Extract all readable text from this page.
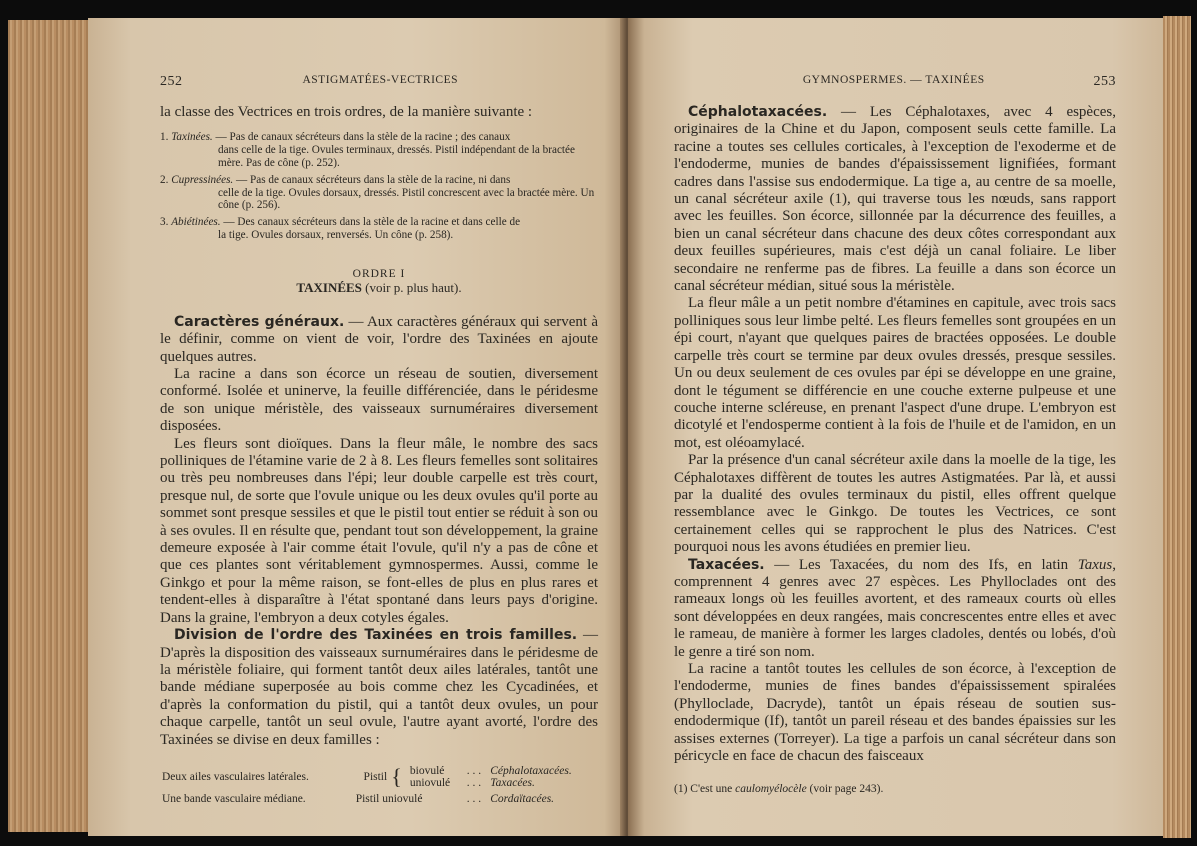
252	ASTIGMATÉES-VECTRICES

la classe des Vectrices en trois ordres, de la manière suivante :

1. Taxinées. — Pas de canaux sécréteurs dans la stèle de la racine ; des canaux
dans celle de la tige. Ovules terminaux, dressés. Pistil indépendant de la bractée mère. Pas de cône (p. 252).
2. Cupressinées. — Pas de canaux sécréteurs dans la stèle de la racine, ni dans
celle de la tige. Ovules dorsaux, dressés. Pistil concrescent avec la bractée mère. Un cône (p. 256).
3. Abiétinées. — Des canaux sécréteurs dans la stèle de la racine et dans celle de
la tige. Ovules dorsaux, renversés. Un cône (p. 258).
ORDRE I
TAXINÉES (voir p. plus haut).

Caractères généraux. — Aux caractères généraux qui servent à le définir, comme on vient de voir, l'ordre des Taxinées en ajoute quelques autres.

La racine a dans son écorce un réseau de soutien, diversement conformé. Isolée et uninerve, la feuille différenciée, dans le péridesme de son unique méristèle, des vaisseaux surnuméraires diversement disposées.

Les fleurs sont dioïques. Dans la fleur mâle, le nombre des sacs polliniques de l'étamine varie de 2 à 8. Les fleurs femelles sont solitaires ou très peu nombreuses dans l'épi; leur double carpelle est très court, presque nul, de sorte que l'ovule unique ou les deux ovules qu'il porte au sommet sont presque sessiles et que le pistil tout entier se réduit à son ou à ses ovules. Il en résulte que, pendant tout son développement, la graine demeure exposée à l'air comme était l'ovule, qu'il n'y a pas de cône et que ces plantes sont véritablement gymnospermes. Aussi, comme le Ginkgo et pour la même raison, se font-elles de plus en plus rares et tendent-elles à disparaître à l'état spontané dans leurs pays d'origine. Dans la graine, l'embryon a deux cotyles égales.

Division de l'ordre des Taxinées en trois familles. — D'après la disposition des vaisseaux surnuméraires dans le péridesme de la méristèle foliaire, qui forment tantôt deux ailes latérales, tantôt une bande médiane superposée au bois comme chez les Cycadinées, et d'après la conformation du pistil, qui a tantôt deux ovules, un pour chaque carpelle, tantôt un seul ovule, l'autre ayant avorté, l'ordre des Taxinées se divise en deux familles :

Deux ailes vasculaires latérales.	Pistil	{	biovulé	. . .	Céphalotaxacées.
			uniovulé	. . .	Taxacées.
Une bande vasculaire médiane.	Pistil uniovulé			. . .	Cordaïtacées.
GYMNOSPERMES. — TAXINÉES	253

Céphalotaxacées. — Les Céphalotaxes, avec 4 espèces, originaires de la Chine et du Japon, composent seuls cette famille. La racine a toutes ses cellules corticales, à l'exception de l'exoderme et de l'endoderme, munies de bandes d'épaississement lignifiées, formant cadres dans l'assise sus endodermique. La tige a, au centre de sa moelle, un canal sécréteur axile (1), qui traverse tous les nœuds, sans rapport avec les feuilles. Son écorce, sillonnée par la décurrence des feuilles, a bien un canal sécréteur dans chacune des deux côtes correspondant aux deux feuilles supérieures, mais c'est déjà un canal foliaire. Le liber secondaire ne renferme pas de fibres. La feuille a dans son écorce un canal sécréteur médian, situé sous la méristèle.

La fleur mâle a un petit nombre d'étamines en capitule, avec trois sacs polliniques sous leur limbe pelté. Les fleurs femelles sont groupées en un épi court, n'ayant que quelques paires de bractées opposées. Le double carpelle très court se termine par deux ovules dressés, presque sessiles. Un ou deux seulement de ces ovules par épi se développe en une graine, dont le tégument se différencie en une couche externe pulpeuse et une couche interne scléreuse, en prenant l'aspect d'une drupe. L'embryon est dicotylé et l'endosperme contient à la fois de l'huile et de l'amidon, en un mot, est oléoamylacé.

Par la présence d'un canal sécréteur axile dans la moelle de la tige, les Céphalotaxes diffèrent de toutes les autres Astigmatées. Par là, et aussi par la dualité des ovules terminaux du pistil, elles offrent quelque ressemblance avec le Ginkgo. De toutes les Vectrices, ce sont certainement celles qui se rapprochent le plus des Natrices. C'est pourquoi nous les avons étudiées en premier lieu.

Taxacées. — Les Taxacées, du nom des Ifs, en latin Taxus, comprennent 4 genres avec 27 espèces. Les Phylloclades ont des rameaux longs où les feuilles avortent, et des rameaux courts où elles sont développées en deux rangées, mais concrescentes entre elles et avec le rameau, de manière à former les larges cladoles, dentés ou lobés, d'où le genre a tiré son nom.

La racine a tantôt toutes les cellules de son écorce, à l'exception de l'endoderme, munies de fines bandes d'épaississement spiralées (Phyllocladе, Dacryde), tantôt un épais réseau de soutien sus-endodermique (If), tantôt un pareil réseau et des bandes épaissies sur les assises externes (Torreyer). La tige a parfois un canal sécréteur dans son péricycle en face de chacun des faisceaux

(1) C'est une caulomyélocèle (voir page 243).
